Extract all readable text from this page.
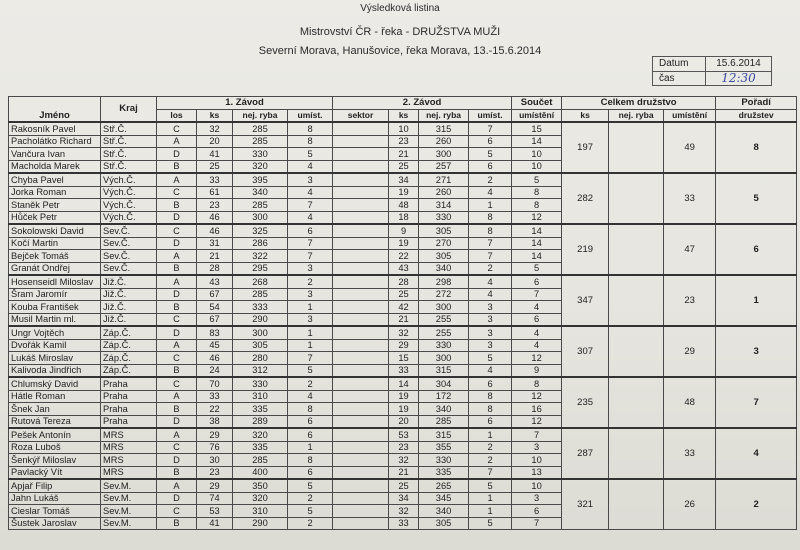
Výsledková listina
Mistrovství ČR - řeka - DRUŽSTVA MUŽI
Severní Morava, Hanušovice, řeka Morava, 13.-15.6.2014
Datum	15.6.2014
čas	12:30
Jméno	Kraj	1. Závod				2. Závod				Součet	Celkem družstvo			Pořadí
		los	ks	nej. ryba	umíst.	sektor	ks	nej. ryba	umíst.	umístění	ks	nej. ryba	umístění	družstev
Rakosník Pavel	Stř.Č.	C	32	285	8		10	315	7	15	197		49	8
Pacholátko Richard	Stř.Č.	A	20	285	8		23	260	6	14				
Vančura Ivan	Stř.Č.	D	41	330	5		21	300	5	10				
Macholda Marek	Stř.Č.	B	25	320	4		25	257	6	10				
Chyba Pavel	Vých.Č.	A	33	395	3		34	271	2	5	282		33	5
Jorka Roman	Vých.Č.	C	61	340	4		19	260	4	8				
Staněk Petr	Vých.Č.	B	23	285	7		48	314	1	8				
Hůček Petr	Vých.Č.	D	46	300	4		18	330	8	12				
Sokolowski David	Sev.Č.	C	46	325	6		9	305	8	14	219		47	6
Kočí Martin	Sev.Č.	D	31	286	7		19	270	7	14				
Bejček Tomáš	Sev.Č.	A	21	322	7		22	305	7	14				
Granát Ondřej	Sev.Č.	B	28	295	3		43	340	2	5				
Hosenseidl Miloslav	Již.Č.	A	43	268	2		28	298	4	6	347		23	1
Šram Jaromír	Již.Č.	D	67	285	3		25	272	4	7				
Kouba František	Již.Č.	B	54	333	1		42	300	3	4				
Musil Martin ml.	Již.Č.	C	67	290	3		21	255	3	6				
Ungr Vojtěch	Záp.Č.	D	83	300	1		32	255	3	4	307		29	3
Dvořák Kamil	Záp.Č.	A	45	305	1		29	330	3	4				
Lukáš Miroslav	Záp.Č.	C	46	280	7		15	300	5	12				
Kalivoda Jindřich	Záp.Č.	B	24	312	5		33	315	4	9				
Chlumský David	Praha	C	70	330	2		14	304	6	8	235		48	7
Hátle Roman	Praha	A	33	310	4		19	172	8	12				
Šnek Jan	Praha	B	22	335	8		19	340	8	16				
Rutová Tereza	Praha	D	38	289	6		20	285	6	12				
Pešek Antonín	MRS	A	29	320	6		53	315	1	7	287		33	4
Roza Luboš	MRS	C	76	335	1		23	355	2	3				
Šenkýř Miloslav	MRS	D	30	285	8		32	330	2	10				
Pavlacký Vít	MRS	B	23	400	6		21	335	7	13				
Apjař Filip	Sev.M.	A	29	350	5		25	265	5	10	321		26	2
Jahn Lukáš	Sev.M.	D	74	320	2		34	345	1	3				
Cieslar Tomáš	Sev.M.	C	53	310	5		32	340	1	6				
Šustek Jaroslav	Sev.M.	B	41	290	2		33	305	5	7				
